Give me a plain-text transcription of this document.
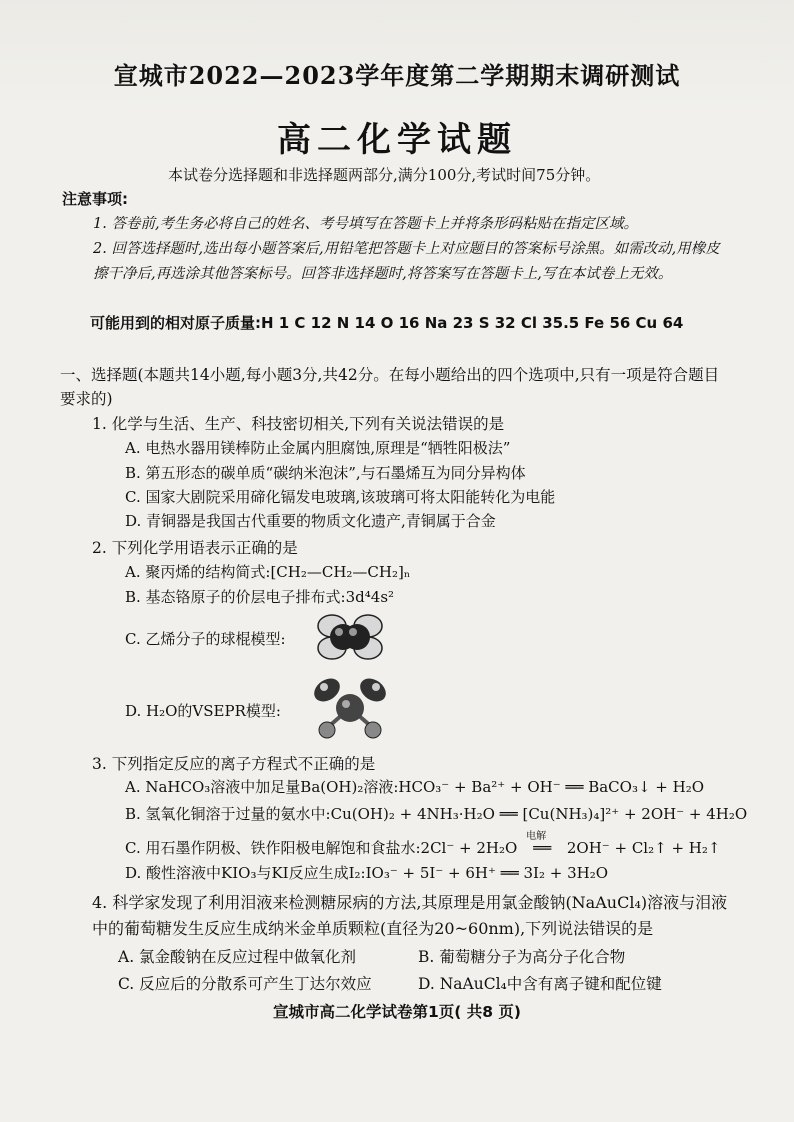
宣城市2022—2023学年度第二学期期末调研测试
高二化学试题
本试卷分选择题和非选择题两部分,满分100分,考试时间75分钟。
注意事项:
1. 答卷前,考生务必将自己的姓名、考号填写在答题卡上并将条形码粘贴在指定区域。
2. 回答选择题时,选出每小题答案后,用铅笔把答题卡上对应题目的答案标号涂黑。如需改动,用橡皮擦干净后,再选涂其他答案标号。回答非选择题时,将答案写在答题卡上,写在本试卷上无效。
可能用到的相对原子质量:H 1 C 12 N 14 O 16 Na 23 S 32 Cl 35.5 Fe 56 Cu 64
一、选择题(本题共14小题,每小题3分,共42分。在每小题给出的四个选项中,只有一项是符合题目要求的)
1. 化学与生活、生产、科技密切相关,下列有关说法错误的是
A. 电热水器用镁棒防止金属内胆腐蚀,原理是“牺牲阳极法”
B. 第五形态的碳单质“碳纳米泡沫”,与石墨烯互为同分异构体
C. 国家大剧院采用碲化镉发电玻璃,该玻璃可将太阳能转化为电能
D. 青铜器是我国古代重要的物质文化遗产,青铜属于合金
2. 下列化学用语表示正确的是
A. 聚丙烯的结构简式:[CH₂—CH₂—CH₂]ₙ
B. 基态铬原子的价层电子排布式:3d⁴4s²
C. 乙烯分子的球棍模型:
D. H₂O的VSEPR模型:
3. 下列指定反应的离子方程式不正确的是
A. NaHCO₃溶液中加足量Ba(OH)₂溶液:HCO₃⁻ + Ba²⁺ + OH⁻ ══ BaCO₃↓ + H₂O
B. 氢氧化铜溶于过量的氨水中:Cu(OH)₂ + 4NH₃·H₂O ══ [Cu(NH₃)₄]²⁺ + 2OH⁻ + 4H₂O
C. 用石墨作阴极、铁作阳极电解饱和食盐水:2Cl⁻ + 2H₂O
电解
══ 2OH⁻ + Cl₂↑ + H₂↑
D. 酸性溶液中KIO₃与KI反应生成I₂:IO₃⁻ + 5I⁻ + 6H⁺ ══ 3I₂ + 3H₂O
4. 科学家发现了利用泪液来检测糖尿病的方法,其原理是用氯金酸钠(NaAuCl₄)溶液与泪液中的葡萄糖发生反应生成纳米金单质颗粒(直径为20~60nm),下列说法错误的是
A. 氯金酸钠在反应过程中做氧化剂	B. 葡萄糖分子为高分子化合物
C. 反应后的分散系可产生丁达尔效应	D. NaAuCl₄中含有离子键和配位键
宣城市高二化学试卷第1页( 共8 页)
